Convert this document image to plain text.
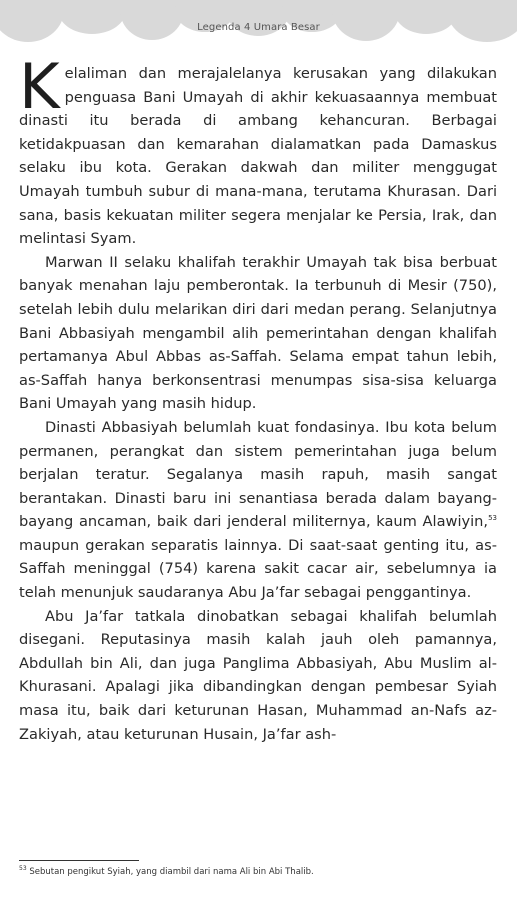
Legenda 4 Umara Besar

Kelaliman dan merajalelanya kerusakan yang dilakukan penguasa Bani Umayah di akhir kekuasaannya membuat dinasti itu berada di ambang kehancuran. Berbagai ketidakpuasan dan kemarahan dialamatkan pada Damaskus selaku ibu kota. Gerakan dakwah dan militer menggugat Umayah tumbuh subur di mana-mana, terutama Khurasan. Dari sana, basis kekuatan militer segera menjalar ke Persia, Irak, dan melintasi Syam.

Marwan II selaku khalifah terakhir Umayah tak bisa berbuat banyak menahan laju pemberontak. Ia terbunuh di Mesir (750), setelah lebih dulu melarikan diri dari medan perang. Selanjutnya Bani Abbasiyah mengambil alih pemerintahan dengan khalifah pertamanya Abul Abbas as-Saffah. Selama empat tahun lebih, as-Saffah hanya berkonsentrasi menumpas sisa-sisa keluarga Bani Umayah yang masih hidup.

Dinasti Abbasiyah belumlah kuat fondasinya. Ibu kota belum permanen, perangkat dan sistem pemerintahan juga belum berjalan teratur. Segalanya masih rapuh, masih sangat berantakan. Dinasti baru ini senantiasa berada dalam bayang-bayang ancaman, baik dari jenderal militernya, kaum Alawiyin,$^{53}$ maupun gerakan separatis lainnya. Di saat-saat genting itu, as-Saffah meninggal (754) karena sakit cacar air, sebelumnya ia telah menunjuk saudaranya Abu Ja’far sebagai penggantinya.

Abu Ja’far tatkala dinobatkan sebagai khalifah belumlah disegani. Reputasinya masih kalah jauh oleh pamannya, Abdullah bin Ali, dan juga Panglima Abbasiyah, Abu Muslim al-Khurasani. Apalagi jika dibandingkan dengan pembesar Syiah masa itu, baik dari keturunan Hasan, Muhammad an-Nafs az-Zakiyah, atau keturunan Husain, Ja’far ash-

$^{53}$ Sebutan pengikut Syiah, yang diambil dari nama Ali bin Abi Thalib.
